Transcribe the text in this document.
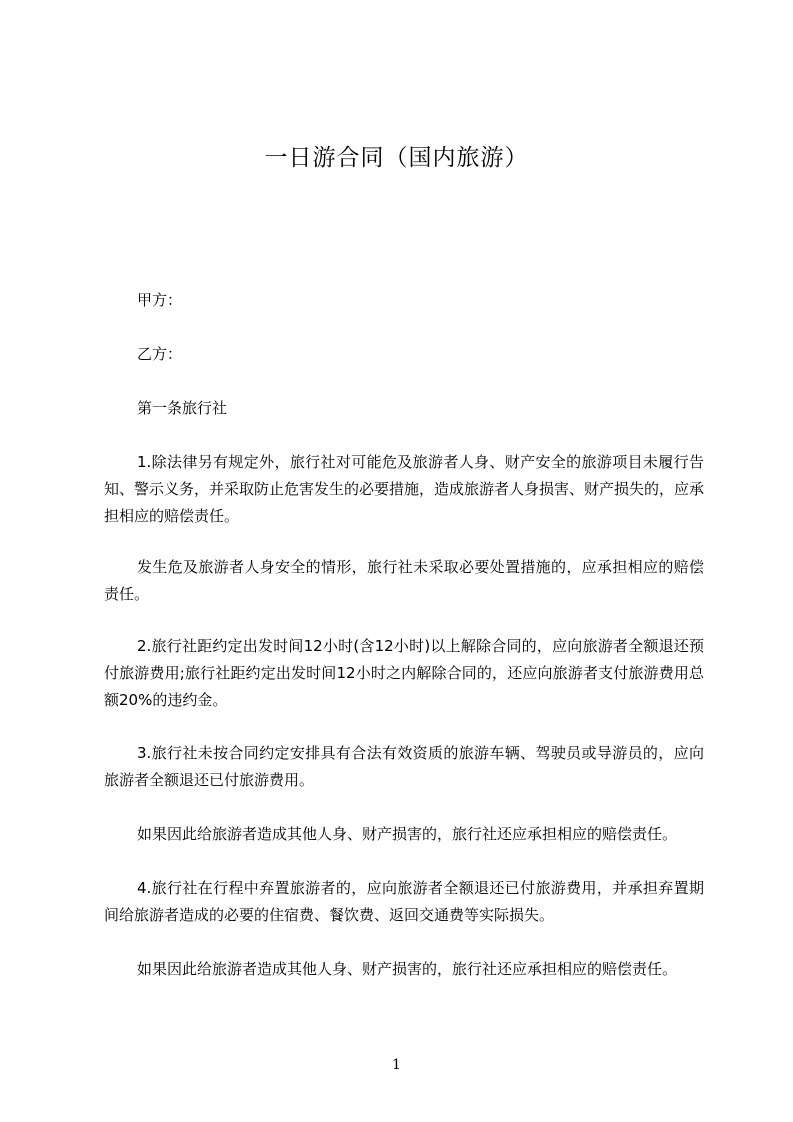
一日游合同（国内旅游）

甲方：

乙方：

第一条旅行社

1.除法律另有规定外，旅行社对可能危及旅游者人身、财产安全的旅游项目未履行告知、警示义务，并采取防止危害发生的必要措施，造成旅游者人身损害、财产损失的，应承担相应的赔偿责任。

发生危及旅游者人身安全的情形，旅行社未采取必要处置措施的，应承担相应的赔偿责任。

2.旅行社距约定出发时间12小时(含12小时)以上解除合同的，应向旅游者全额退还预付旅游费用;旅行社距约定出发时间12小时之内解除合同的，还应向旅游者支付旅游费用总额20%的违约金。

3.旅行社未按合同约定安排具有合法有效资质的旅游车辆、驾驶员或导游员的，应向旅游者全额退还已付旅游费用。

如果因此给旅游者造成其他人身、财产损害的，旅行社还应承担相应的赔偿责任。

4.旅行社在行程中弃置旅游者的，应向旅游者全额退还已付旅游费用，并承担弃置期间给旅游者造成的必要的住宿费、餐饮费、返回交通费等实际损失。

如果因此给旅游者造成其他人身、财产损害的，旅行社还应承担相应的赔偿责任。

1
